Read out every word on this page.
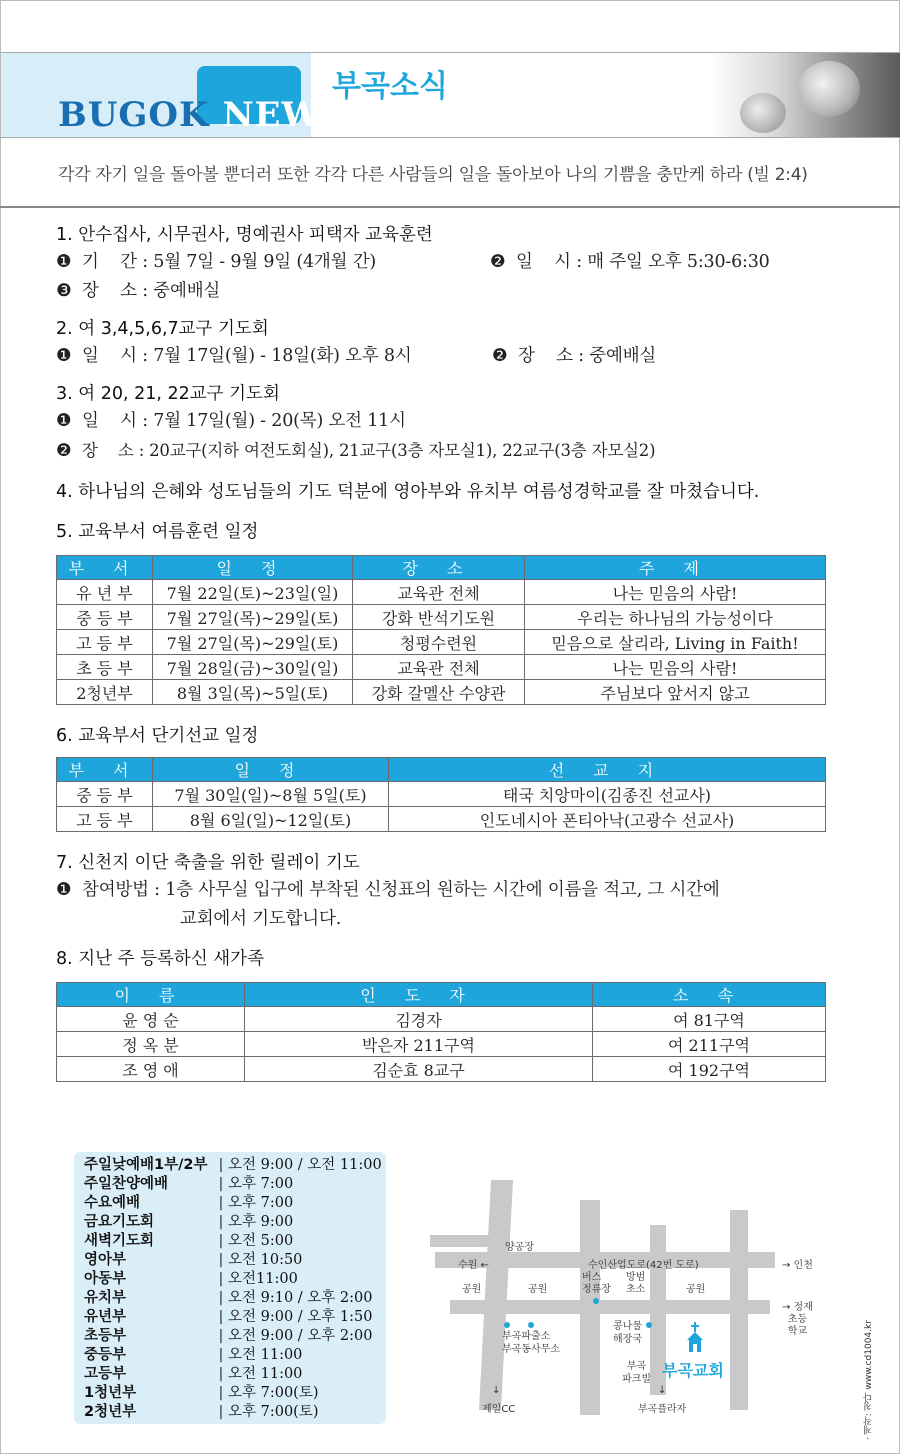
BUGOK NEWS
부곡소식
각각 자기 일을 돌아볼 뿐더러 또한 각각 다른 사람들의 일을 돌아보아 나의 기쁨을 충만케 하라 (빌 2:4)
1. 안수집사, 시무권사, 명예권사 피택자 교육훈련
❶ 기    간 : 5월 7일 - 9월 9일 (4개월 간)	❷ 일    시 : 매 주일 오후 5:30-6:30
❸ 장    소 : 중예배실
2. 여 3,4,5,6,7교구 기도회
❶ 일    시 : 7월 17일(월) - 18일(화) 오후 8시	❷ 장    소 : 중예배실
3. 여 20, 21, 22교구 기도회
❶ 일    시 : 7월 17일(월) - 20(목) 오전 11시
❷ 장    소 : 20교구(지하 여전도회실), 21교구(3층 자모실1), 22교구(3층 자모실2)
4. 하나님의 은혜와 성도님들의 기도 덕분에 영아부와 유치부 여름성경학교를 잘 마쳤습니다.
5. 교육부서 여름훈련 일정
부 서	일 정	장 소	주 제
유 년 부	7월 22일(토)~23일(일)	교육관 전체	나는 믿음의 사람!
중 등 부	7월 27일(목)~29일(토)	강화 반석기도원	우리는 하나님의 가능성이다
고 등 부	7월 27일(목)~29일(토)	청평수련원	믿음으로 살리라, Living in Faith!
초 등 부	7월 28일(금)~30일(일)	교육관 전체	나는 믿음의 사람!
2청년부	8월 3일(목)~5일(토)	강화 갈멜산 수양관	주님보다 앞서지 않고
6. 교육부서 단기선교 일정
부 서	일 정	선 교 지
중 등 부	7월 30일(일)~8월 5일(토)	태국 치앙마이(김종진 선교사)
고 등 부	8월 6일(일)~12일(토)	인도네시아 폰티아낙(고광수 선교사)
7. 신천지 이단 축출을 위한 릴레이 기도
❶ 참여방법 : 1층 사무실 입구에 부착된 신청표의 원하는 시간에 이름을 적고, 그 시간에
교회에서 기도합니다.
8. 지난 주 등록하신 새가족
이 름	인 도 자	소 속
윤 영 순	김경자	여 81구역
정 옥 분	박은자 211구역	여 211구역
조 영 애	김순효 8교구	여 192구역
주일낮예배1부/2부 | 오전 9:00 / 오전 11:00
주일찬양예배	| 오후 7:00
수요예배	| 오후 7:00
금요기도회	| 오후 9:00
새벽기도회	| 오전 5:00
영아부	| 오전 10:50
아동부	| 오전11:00
유치부	| 오전 9:10 / 오후 2:00
유년부	| 오전 9:00 / 오후 1:50
초등부	| 오전 9:00 / 오후 2:00
중등부	| 오전 11:00
고등부	| 오전 11:00
1청년부	| 오후 7:00(토)
2청년부	| 오후 7:00(토)
양공장
수원 ←	수인산업도로(42번 도로)	→ 인천
공원	공원
버스
정류장
방범
초소	공원
→ 정재
초등
학교
부곡파출소
부곡동사무소
콩나물
해장국
부곡
파크빌 부곡교회
↓
제일CC
↓
부곡플라자	· 제작: 청다 www.cd1004.kr
